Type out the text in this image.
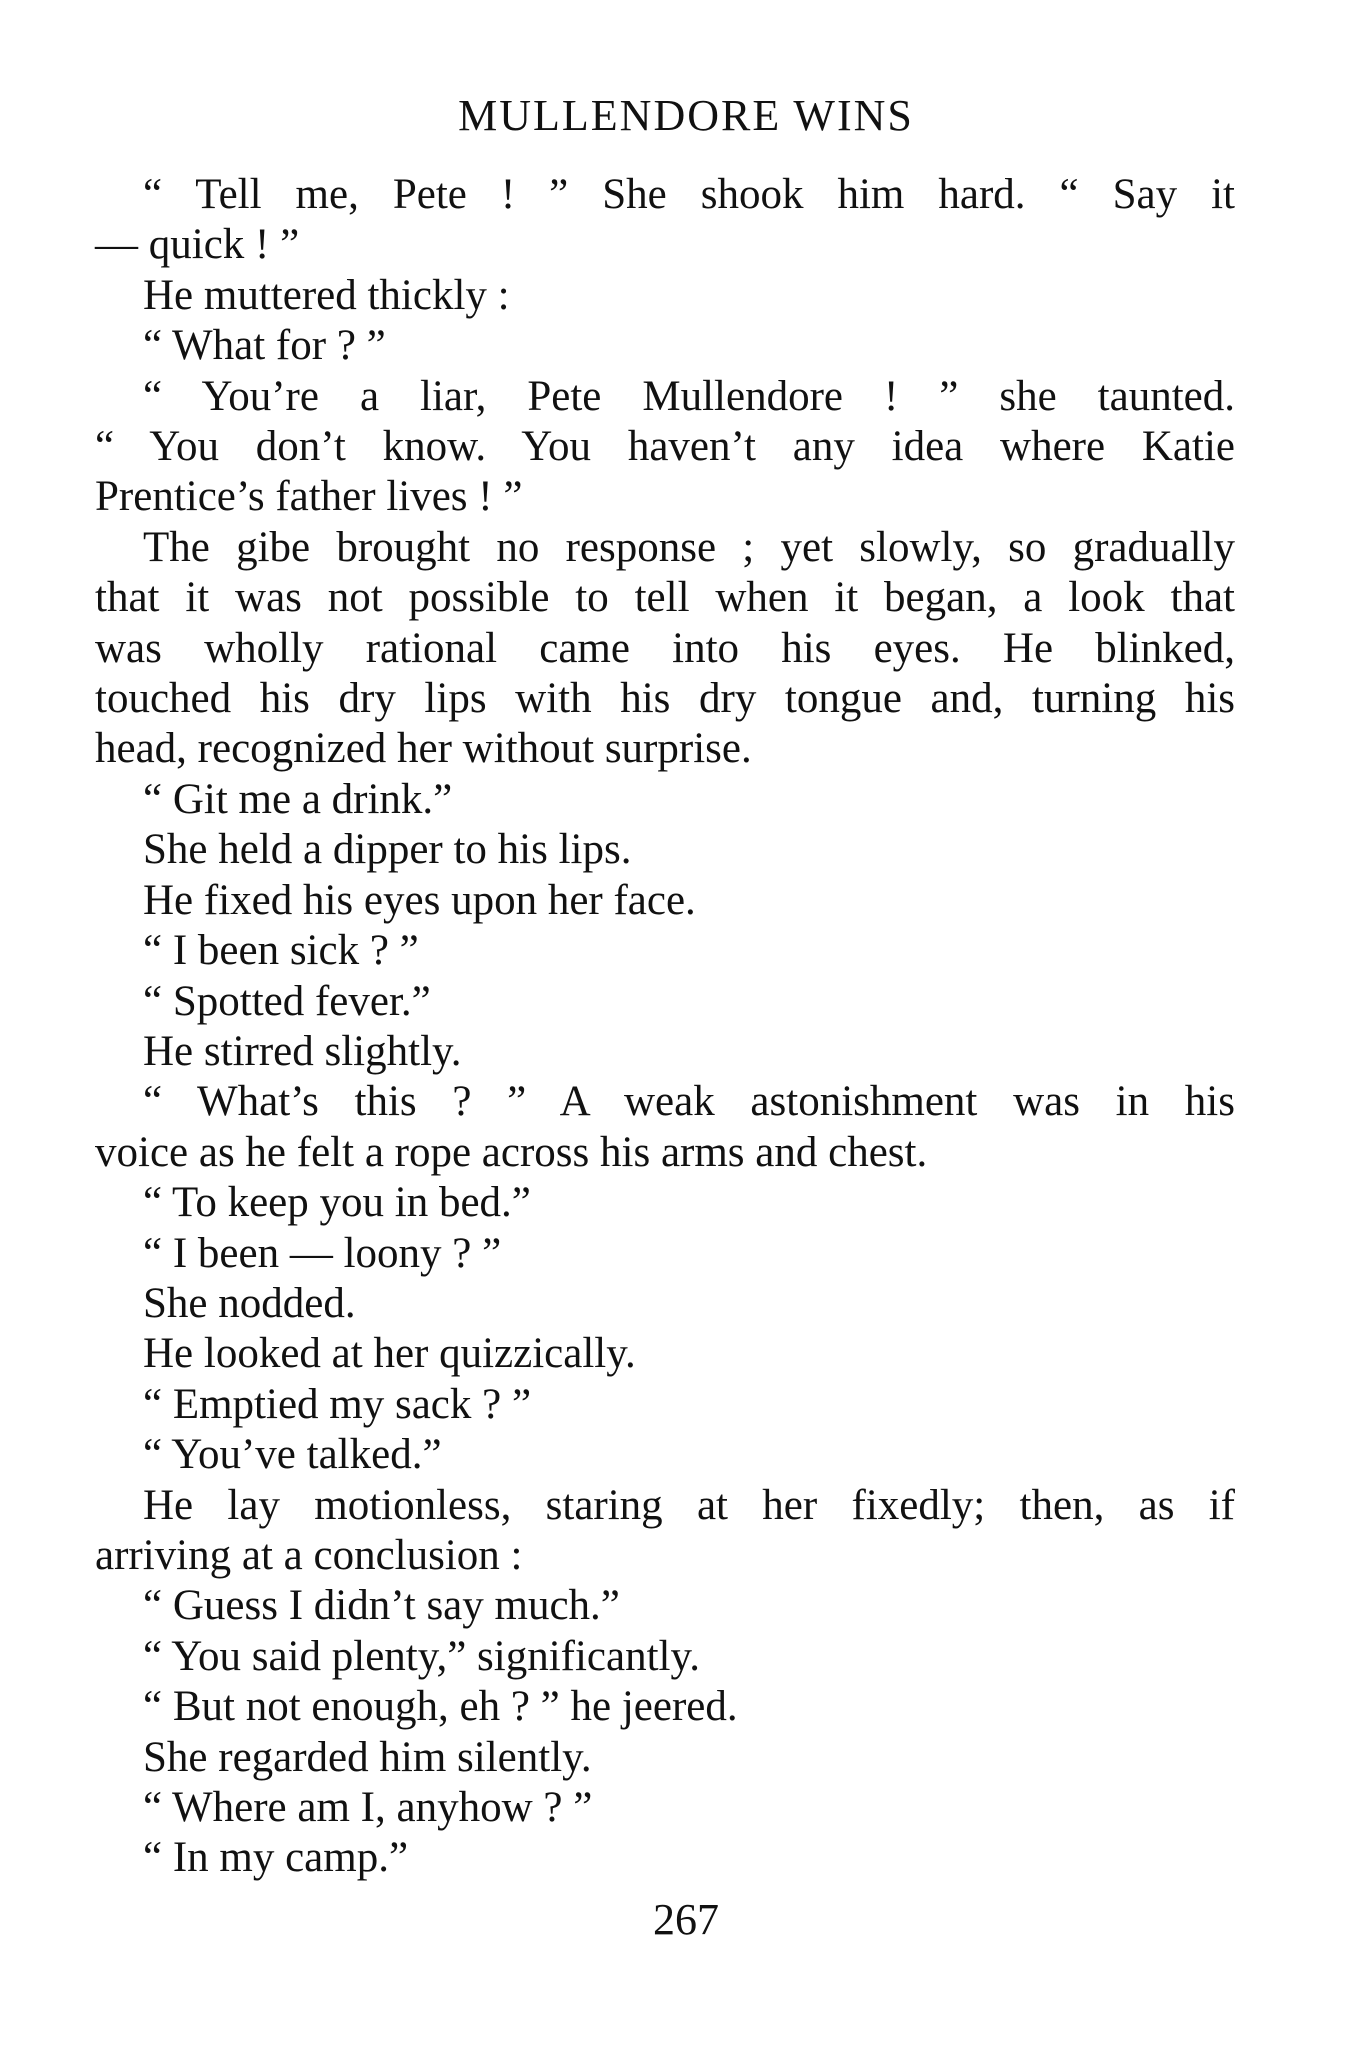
MULLENDORE WINS
“ Tell me, Pete ! ” She shook him hard. “ Say it
— quick ! ”
He muttered thickly :
“ What for ? ”
“ You’re a liar, Pete Mullendore ! ” she taunted.
“ You don’t know. You haven’t any idea where Katie
Prentice’s father lives ! ”
The gibe brought no response ; yet slowly, so gradually
that it was not possible to tell when it began, a look that
was wholly rational came into his eyes. He blinked,
touched his dry lips with his dry tongue and, turning his
head, recognized her without surprise.
“ Git me a drink.”
She held a dipper to his lips.
He fixed his eyes upon her face.
“ I been sick ? ”
“ Spotted fever.”
He stirred slightly.
“ What’s this ? ” A weak astonishment was in his
voice as he felt a rope across his arms and chest.
“ To keep you in bed.”
“ I been — loony ? ”
She nodded.
He looked at her quizzically.
“ Emptied my sack ? ”
“ You’ve talked.”
He lay motionless, staring at her fixedly; then, as if
arriving at a conclusion :
“ Guess I didn’t say much.”
“ You said plenty,” significantly.
“ But not enough, eh ? ” he jeered.
She regarded him silently.
“ Where am I, anyhow ? ”
“ In my camp.”
267
